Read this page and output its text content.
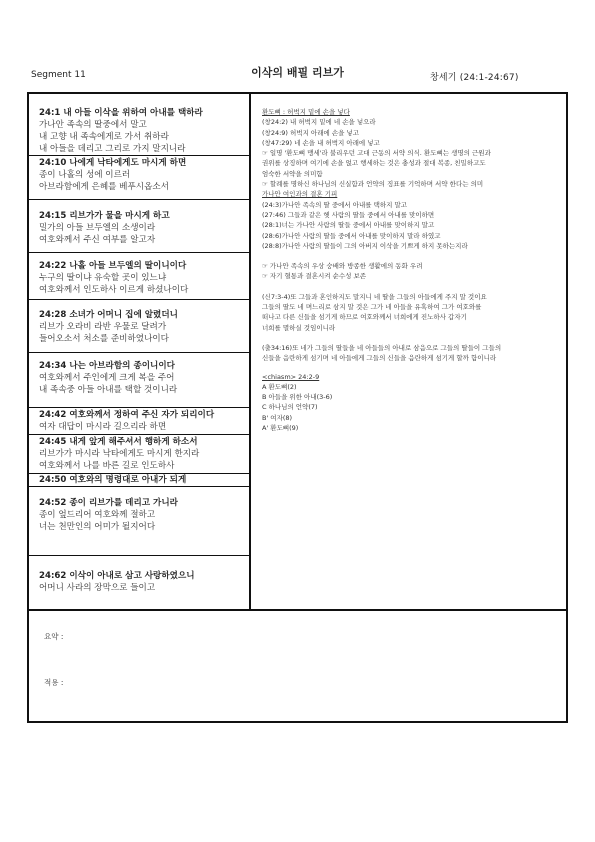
Segment 11	이삭의 배필 리브가	창세기 (24:1-24:67)
24:1 내 아들 이삭을 위하여 아내를 택하라
가나안 족속의 딸중에서 말고
내 고향 내 족속에게로 가서 취하라
내 아들을 데리고 그리로 가지 말지니라
24:10 나에게 낙타에게도 마시게 하면
종이 나홀의 성에 이르러
아브라함에게 은혜를 베푸시옵소서
24:15 리브가가 물을 마시게 하고
밀가의 아들 브두엘의 소생이라
여호와께서 주신 여부를 알고자
24:22 나홀 아들 브두엘의 딸이니이다
누구의 딸이냐 유숙할 곳이 있느냐
여호와께서 인도하사 이르게 하셨나이다
24:28 소녀가 어머니 집에 알렸더니
리브가 오라비 라반 우물로 달려가
들어오소서 처소를 준비하였나이다
24:34 나는 아브라함의 종이니이다
여호와께서 주인에게 크게 복을 주어
내 족속중 아들 아내를 택할 것이니라
24:42 여호와께서 정하여 주신 자가 되리이다
여자 대답이 마시라 길으리라 하면
24:45 내게 앞게 해주셔서 행하게 하소서
리브가가 마시라 낙타에게도 마시게 한지라
여호와께서 나를 바른 길로 인도하사
24:50 여호와의 명령대로 아내가 되게
24:52 종이 리브가를 데리고 가니라
종이 엎드리어 여호와께 절하고
너는 천만인의 어미가 될지어다
24:62 이삭이 아내로 삼고 사랑하였으니
어머니 사라의 장막으로 들이고
환도뼈 : 허벅지 밑에 손을 넣다
(창24:2) 내 허벅지 밑에 네 손을 넣으라
(창24:9) 허벅지 아래에 손을 넣고
(창47:29) 네 손을 내 허벅지 아래에 넣고
☞ 일명 '환도뼈 맹세'라 불리우던 고대 근동의 서약 의식. 환도뼈는 생명의 근원과
권위를 상징하며 여기에 손을 얹고 행세하는 것은 충성과 절대 복종, 친밀하고도
엄숙한 서약을 의미함
☞ 할례를 명하신 하나님의 신실함과 언약의 징표를 기억하며 서약 한다는 의미
가나안 여인과의 결혼 기피
(24:3)가나안 족속의 딸 중에서 아내를 택하지 말고
(27:46) 그들과 같은 헷 사람의 딸들 중에서 아내를 맞이하면
(28:1)너는 가나안 사람의 딸들 중에서 아내를 맞이하지 말고
(28:6)가나안 사람의 딸들 중에서 아내를 맞이하지 말라 하였고
(28:8)가나안 사람의 딸들이 그의 아버지 이삭을 기쁘게 하지 못하는지라
☞ 가나안 족속의 우상 숭배와 방종한 생활에의 동화 우려
☞ 자기 혈통과 결혼시켜 순수성 보존
(신7:3-4)또 그들과 혼인하지도 말지니 네 딸을 그들의 아들에게 주지 말 것이요
그들의 딸도 네 며느리로 삼지 말 것은 그가 네 아들을 유혹하여 그가 여호와를
떠나고 다른 신들을 섬기게 하므로 여호와께서 너희에게 진노하사 갑자기
너희를 멸하실 것임이니라
(출34:16)또 네가 그들의 딸들을 네 아들들의 아내로 삼음으로 그들의 딸들이 그들의
신들을 음란하게 섬기며 네 아들에게 그들의 신들을 음란하게 섬기게 할까 함이니라
<chiasm> 24:2-9
A 환도뼈(2)
B 아들을 위한 아내(3-6)
C 하나님의 언약(7)
B' 여자(8)
A' 환도뼈(9)
요약 :
적용 :
